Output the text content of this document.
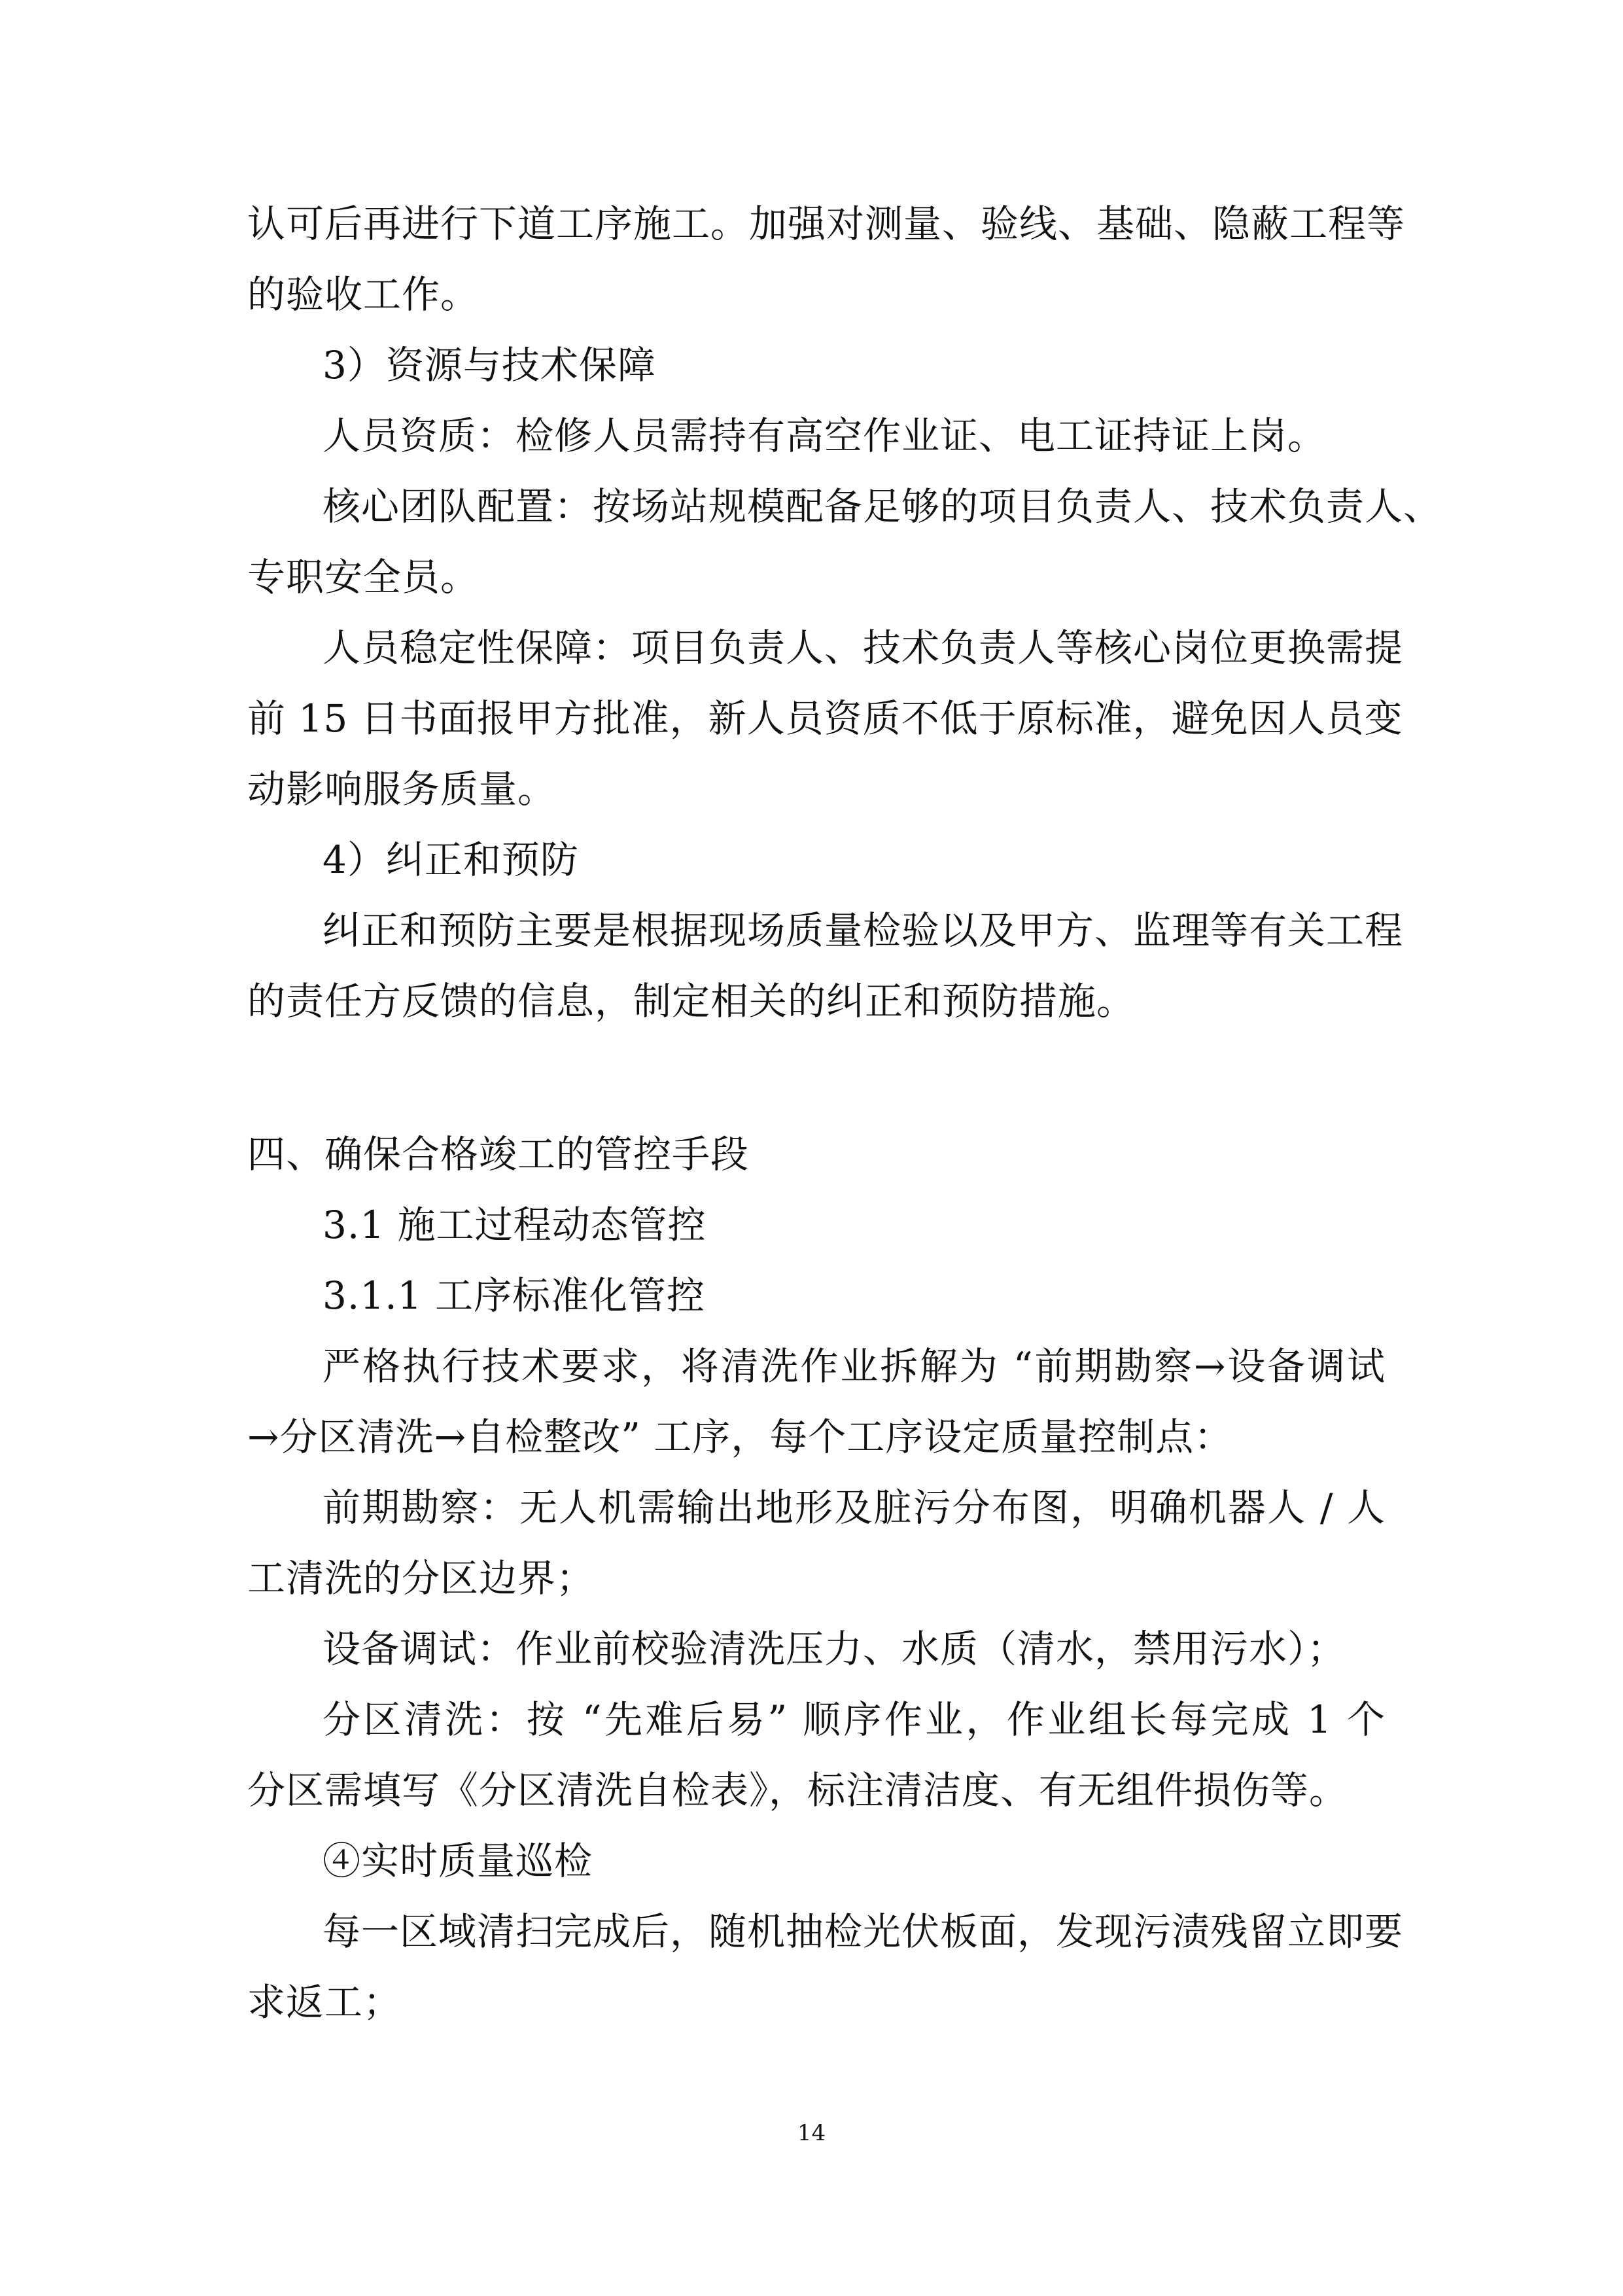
认可后再进行下道工序施工。加强对测量、验线、基础、隐蔽工程等
的验收工作。
3）资源与技术保障
人员资质：检修人员需持有高空作业证、电工证持证上岗。
核心团队配置：按场站规模配备足够的项目负责人、技术负责人、
专职安全员。
人员稳定性保障：项目负责人、技术负责人等核心岗位更换需提
前 15 日书面报甲方批准，新人员资质不低于原标准，避免因人员变
动影响服务质量。
4）纠正和预防
纠正和预防主要是根据现场质量检验以及甲方、监理等有关工程
的责任方反馈的信息，制定相关的纠正和预防措施。
四、确保合格竣工的管控手段
3.1 施工过程动态管控
3.1.1 工序标准化管控
严格执行技术要求，将清洗作业拆解为 “前期勘察→设备调试
→分区清洗→自检整改” 工序，每个工序设定质量控制点：
前期勘察：无人机需输出地形及脏污分布图，明确机器人 / 人
工清洗的分区边界；
设备调试：作业前校验清洗压力、水质（清水，禁用污水）；
分区清洗：按 “先难后易” 顺序作业，作业组长每完成 1 个
分区需填写《分区清洗自检表》，标注清洁度、有无组件损伤等。
④实时质量巡检
每一区域清扫完成后，随机抽检光伏板面，发现污渍残留立即要
求返工；
14
